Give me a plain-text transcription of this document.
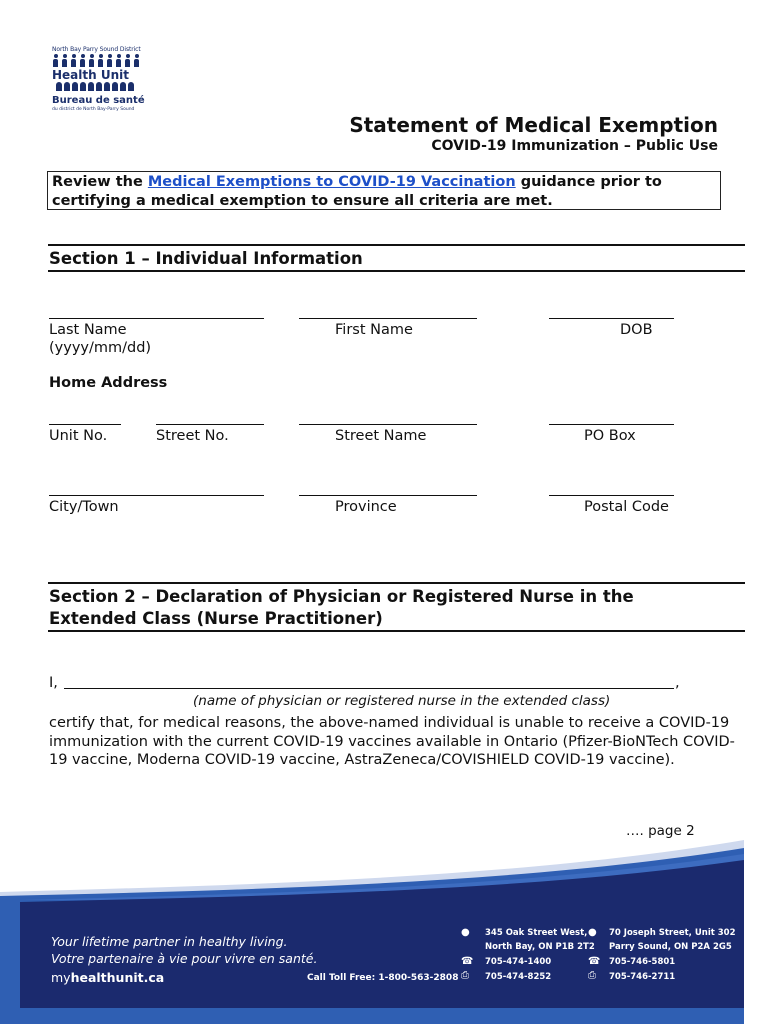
North Bay Parry Sound District
Health Unit
Bureau de santé
du district de North Bay-Parry Sound
Statement of Medical Exemption
COVID-19 Immunization – Public Use
Review the Medical Exemptions to COVID-19 Vaccination guidance prior to certifying a medical exemption to ensure all criteria are met.
Section 1 – Individual Information
Last Name	First Name	DOB
(yyyy/mm/dd)
Home Address
Unit No.	Street No.	Street Name	PO Box
City/Town	Province	Postal Code
Section 2 – Declaration of Physician or Registered Nurse in the
Extended Class (Nurse Practitioner)
I,	,
(name of physician or registered nurse in the extended class)
certify that, for medical reasons, the above-named individual is unable to receive a COVID-19 immunization with the current COVID-19 vaccines available in Ontario (Pfizer-BioNTech COVID-19 vaccine, Moderna COVID-19 vaccine, AstraZeneca/COVISHIELD COVID-19 vaccine).
…. page 2
Your lifetime partner in healthy living.
Votre partenaire à vie pour vivre en santé.
myhealthunit.ca	Call Toll Free: 1-800-563-2808
● 345 Oak Street West,
North Bay, ON P1B 2T2
☎ 705-474-1400
⎙ 705-474-8252
● 70 Joseph Street, Unit 302
Parry Sound, ON P2A 2G5
☎ 705-746-5801
⎙ 705-746-2711
